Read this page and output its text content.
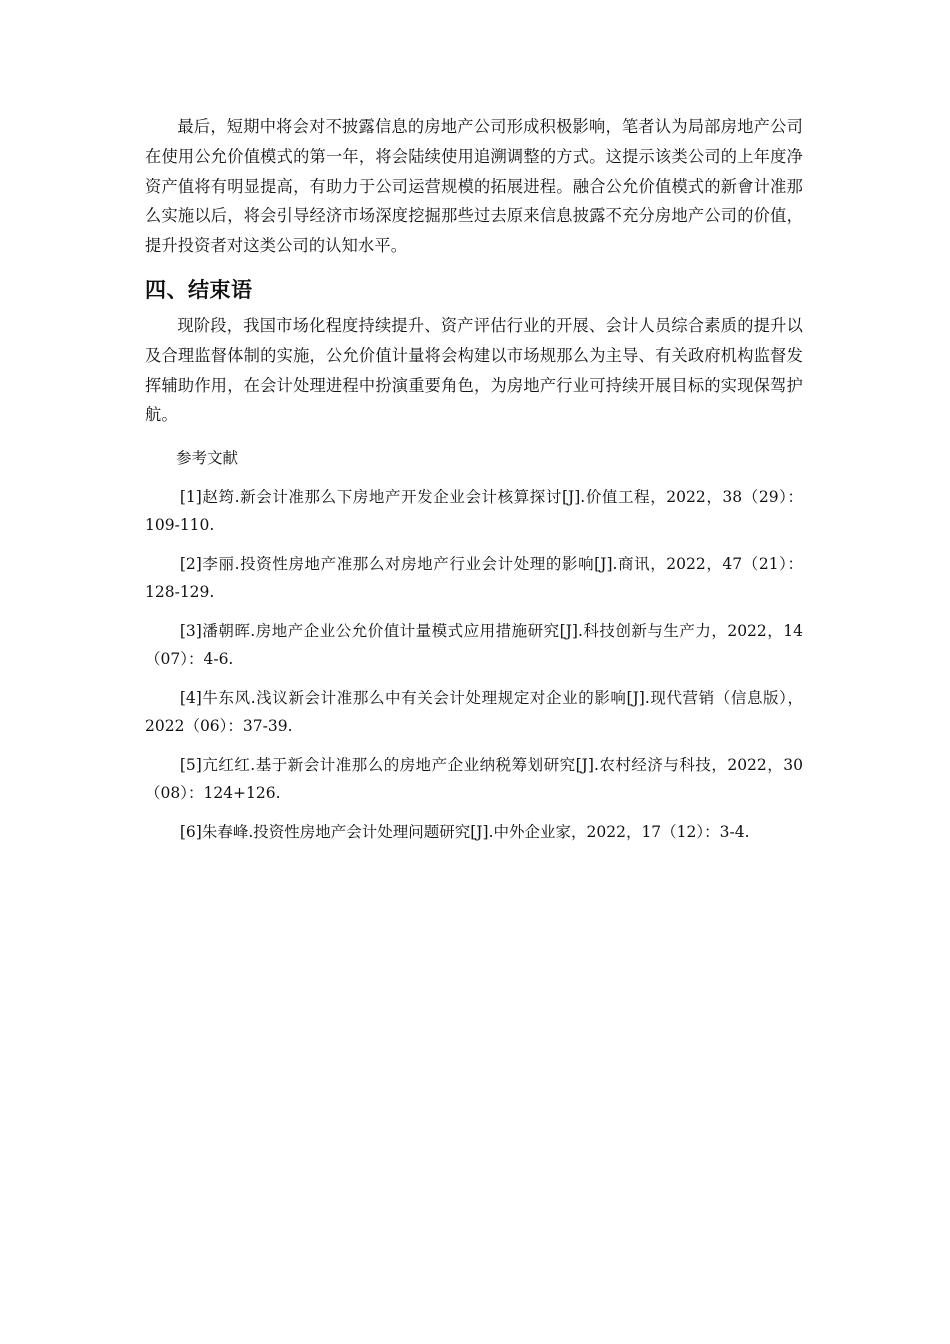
最后，短期中将会对不披露信息的房地产公司形成积极影响，笔者认为局部房地产公司在使用公允价值模式的第一年，将会陆续使用追溯调整的方式。这提示该类公司的上年度净资产值将有明显提高，有助力于公司运营规模的拓展进程。融合公允价值模式的新會计准那么实施以后，将会引导经济市场深度挖掘那些过去原来信息披露不充分房地产公司的价值，提升投资者对这类公司的认知水平。

四、结束语

现阶段，我国市场化程度持续提升、资产评估行业的开展、会计人员综合素质的提升以及合理监督体制的实施，公允价值计量将会构建以市场规那么为主导、有关政府机构监督发挥辅助作用，在会计处理进程中扮演重要角色，为房地产行业可持续开展目标的实现保驾护航。

参考文献

[1]赵筠.新会计准那么下房地产开发企业会计核算探讨[J].价值工程，2022，38（29）：109-110.

[2]李丽.投资性房地产准那么对房地产行业会计处理的影响[J].商讯，2022，47（21）：128-129.

[3]潘朝晖.房地产企业公允价值计量模式应用措施研究[J].科技创新与生产力，2022，14（07）：4-6.

[4]牛东风.浅议新会计准那么中有关会计处理规定对企业的影响[J].现代营销（信息版），2022（06）：37-39.

[5]亢红红.基于新会计准那么的房地产企业纳税筹划研究[J].农村经济与科技，2022，30（08）：124+126.

[6]朱春峰.投资性房地产会计处理问题研究[J].中外企业家，2022，17（12）：3-4.
